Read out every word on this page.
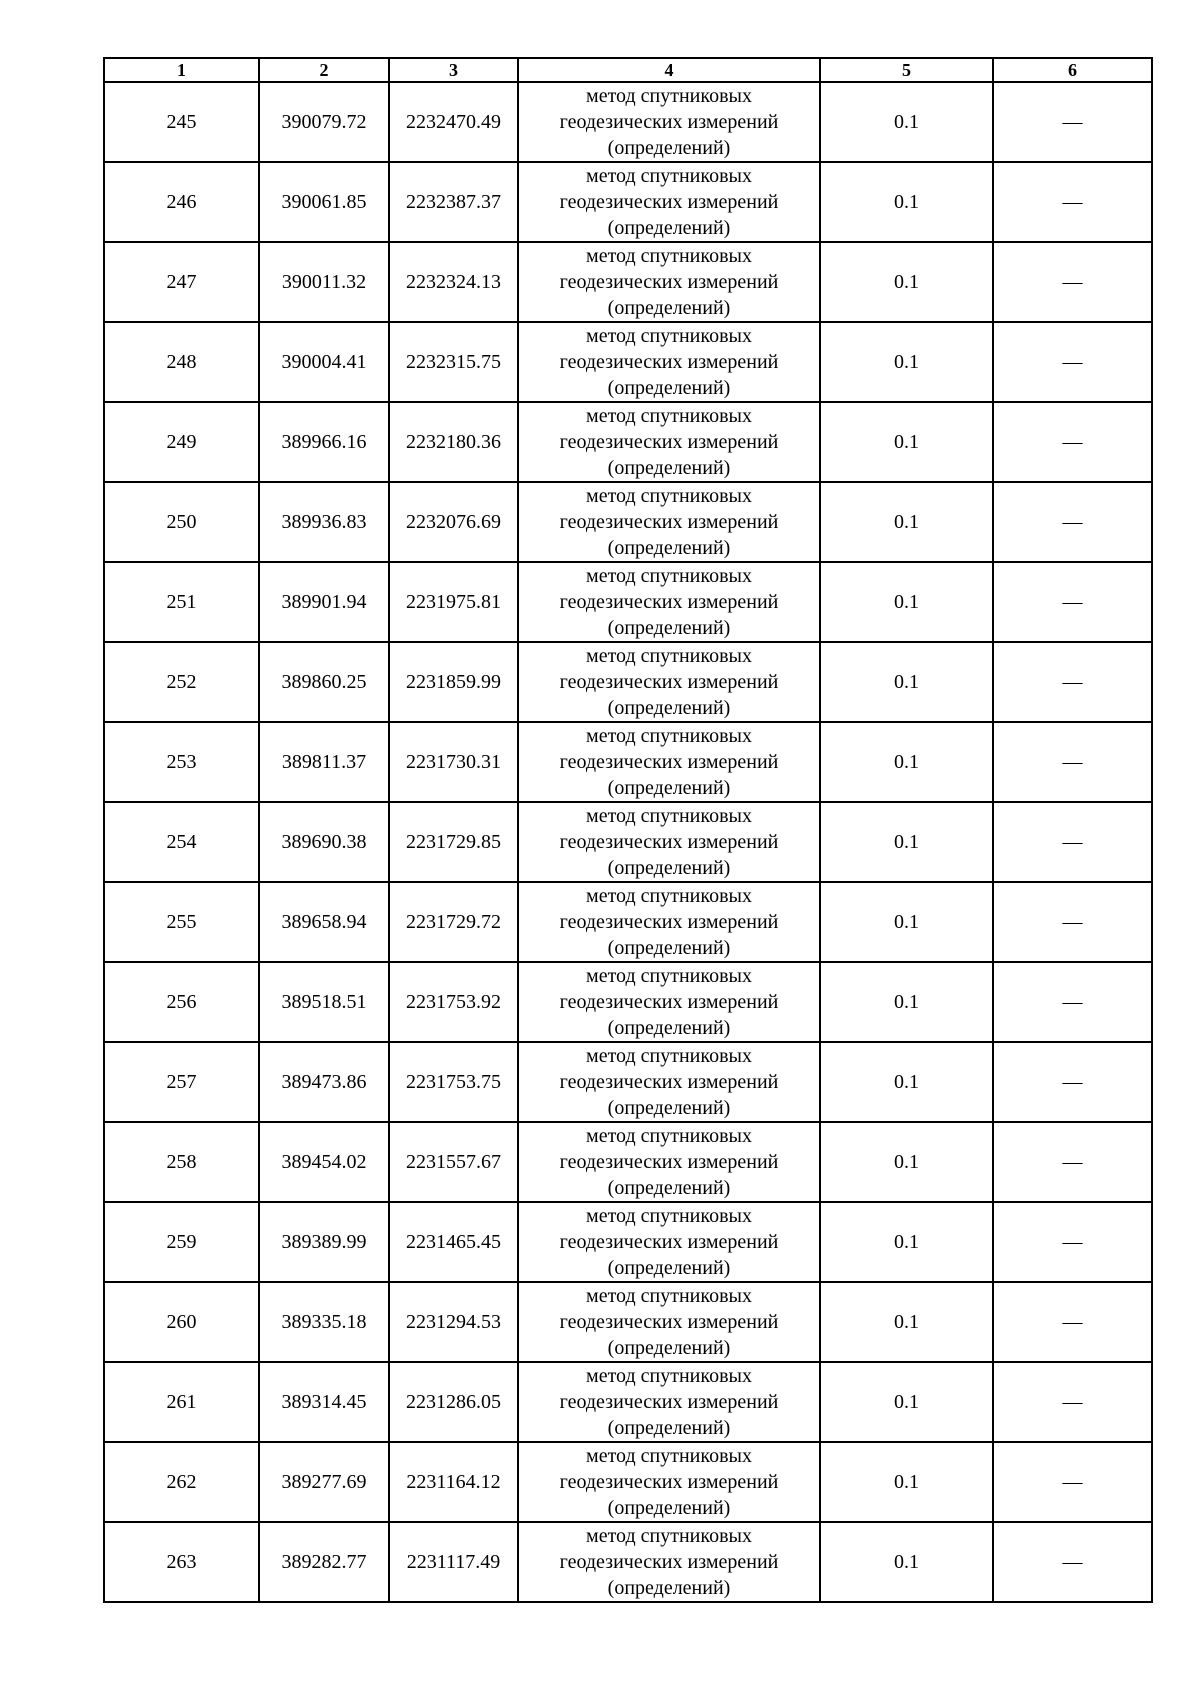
1	2	3	4	5	6
245	390079.72	2232470.49	метод спутниковых
геодезических измерений
(определений)	0.1	—
246	390061.85	2232387.37	метод спутниковых
геодезических измерений
(определений)	0.1	—
247	390011.32	2232324.13	метод спутниковых
геодезических измерений
(определений)	0.1	—
248	390004.41	2232315.75	метод спутниковых
геодезических измерений
(определений)	0.1	—
249	389966.16	2232180.36	метод спутниковых
геодезических измерений
(определений)	0.1	—
250	389936.83	2232076.69	метод спутниковых
геодезических измерений
(определений)	0.1	—
251	389901.94	2231975.81	метод спутниковых
геодезических измерений
(определений)	0.1	—
252	389860.25	2231859.99	метод спутниковых
геодезических измерений
(определений)	0.1	—
253	389811.37	2231730.31	метод спутниковых
геодезических измерений
(определений)	0.1	—
254	389690.38	2231729.85	метод спутниковых
геодезических измерений
(определений)	0.1	—
255	389658.94	2231729.72	метод спутниковых
геодезических измерений
(определений)	0.1	—
256	389518.51	2231753.92	метод спутниковых
геодезических измерений
(определений)	0.1	—
257	389473.86	2231753.75	метод спутниковых
геодезических измерений
(определений)	0.1	—
258	389454.02	2231557.67	метод спутниковых
геодезических измерений
(определений)	0.1	—
259	389389.99	2231465.45	метод спутниковых
геодезических измерений
(определений)	0.1	—
260	389335.18	2231294.53	метод спутниковых
геодезических измерений
(определений)	0.1	—
261	389314.45	2231286.05	метод спутниковых
геодезических измерений
(определений)	0.1	—
262	389277.69	2231164.12	метод спутниковых
геодезических измерений
(определений)	0.1	—
263	389282.77	2231117.49	метод спутниковых
геодезических измерений
(определений)	0.1	—
